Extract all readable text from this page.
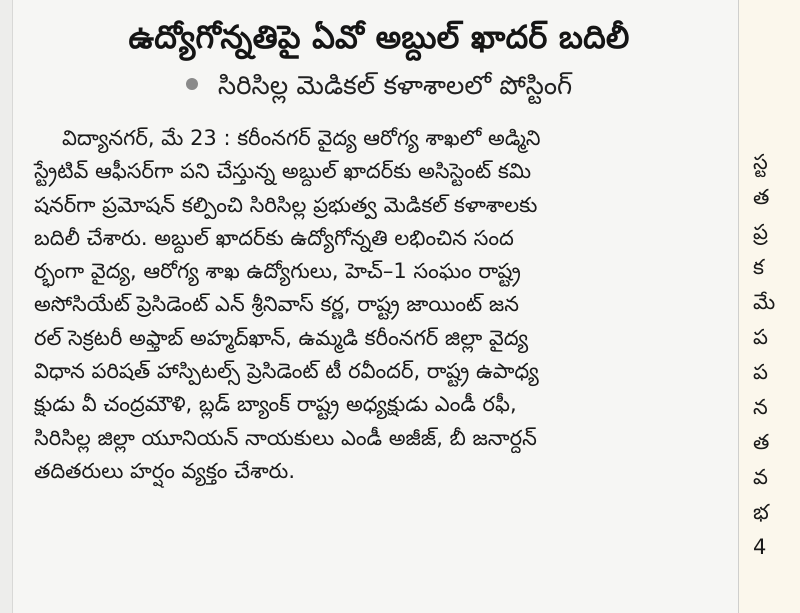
ఉద్యోగోన్నతిపై ఏవో అబ్దుల్ ఖాదర్ బదిలీ

సిరిసిల్ల మెడికల్ కళాశాలలో పోస్టింగ్

విద్యానగర్, మే 23 : కరీంనగర్ వైద్య ఆరోగ్య శాఖలో అడ్మిని
స్ట్రేటివ్ ఆఫీసర్‌గా పని చేస్తున్న అబ్దుల్ ఖాదర్‌కు అసిస్టెంట్ కమి
షనర్‌గా ప్రమోషన్ కల్పించి సిరిసిల్ల ప్రభుత్వ మెడికల్ కళాశాలకు
బదిలీ చేశారు. అబ్దుల్ ఖాదర్‌కు ఉద్యోగోన్నతి లభించిన సంద
ర్భంగా వైద్య, ఆరోగ్య శాఖ ఉద్యోగులు, హెచ్–1 సంఘం రాష్ట్ర
అసోసియేట్ ప్రెసిడెంట్ ఎన్ శ్రీనివాస్ కర్ణ, రాష్ట్ర జాయింట్ జన
రల్ సెక్రటరీ అఫ్తాబ్ అహ్మద్‌ఖాన్, ఉమ్మడి కరీంనగర్ జిల్లా వైద్య
విధాన పరిషత్ హాస్పిటల్స్ ప్రెసిడెంట్ టీ రవీందర్, రాష్ట్ర ఉపాధ్య
క్షుడు వీ చంద్రమౌళి, బ్లడ్ బ్యాంక్ రాష్ట్ర అధ్యక్షుడు ఎండీ రఫీ,
సిరిసిల్ల జిల్లా యూనియన్ నాయకులు ఎండీ అజీజ్, బీ జనార్దన్
తదితరులు హర్షం వ్యక్తం చేశారు.
స్ట
త
ప్ర
క
మే
ప
ప
న
త
వ
భ
4
